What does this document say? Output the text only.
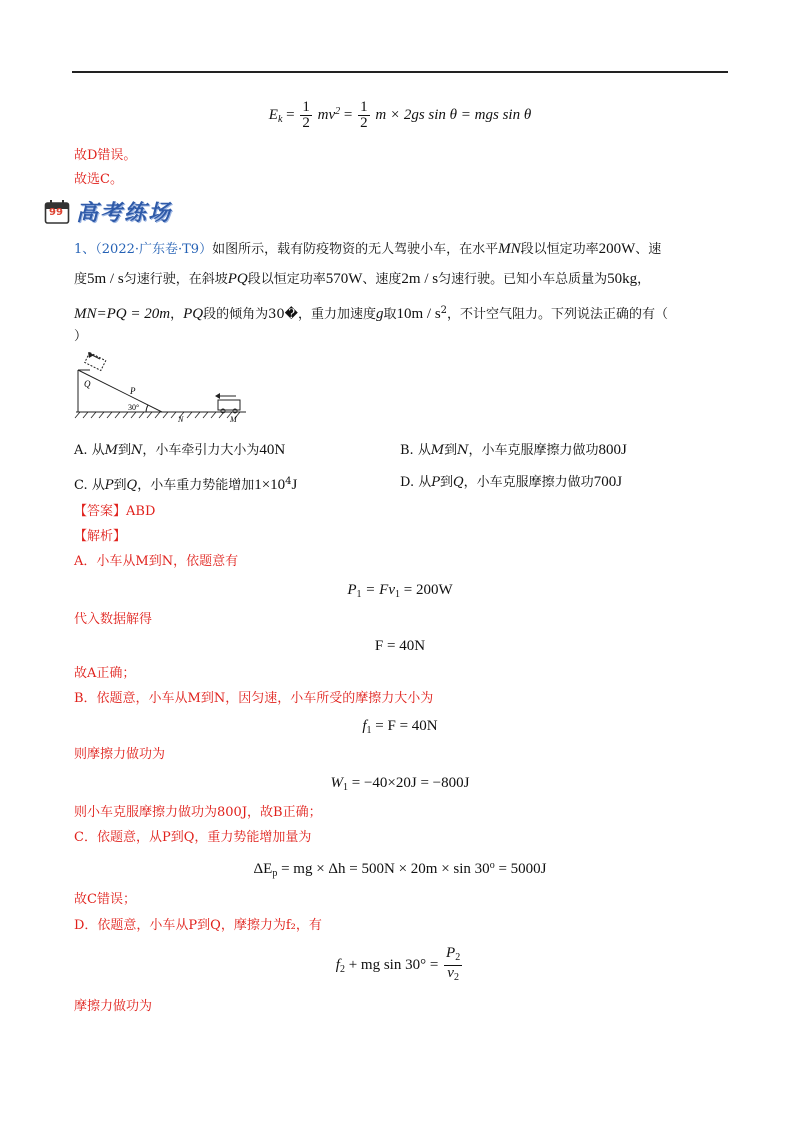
$E_k = \frac{1}{2} mv^2 = \frac{1}{2}$ m × 2gs sin θ = mgs sin θ
故D错误。
故选C。
99 高考练场
1、（2022·广东卷·T9）如图所示，载有防疫物资的无人驾驶小车，在水平MN段以恒定功率200W、速
度5m / s匀速行驶，在斜坡PQ段以恒定功率570W、速度2m / s匀速行驶。已知小车总质量为50kg，
MN=PQ = 20m，PQ段的倾角为30�，重力加速度g取$10m / s^2$，不计空气阻力。下列说法正确的有（
）
Q
P
30°
N	M
A. 从M到N，小车牵引力大小为40N	B. 从M到N，小车克服摩擦力做功800J
C. 从P到Q，小车重力势能增加$1\times 10^4J$	D. 从P到Q，小车克服摩擦力做功700J
【答案】ABD
【解析】
A．小车从M到N，依题意有
$P_1 = Fv_1 = 200W$
代入数据解得
F = 40N
故A正确；
B．依题意，小车从M到N，因匀速，小车所受的摩擦力大小为
$f_1 = F = 40N$
则摩擦力做功为
$W_1 = -40\times 20J = -800J$
则小车克服摩擦力做功为800J，故B正确；
C．依题意，从P到Q，重力势能增加量为
$\Delta E_p$ = mg × $\Delta h = 500N \times 20m \times \sin 30^o = 5000J$
故C错误；
D．依题意，小车从P到Q，摩擦力为f₂，有
$f_2$ + mg $\sin 30^\circ = \frac{P_2}{v_2}$
摩擦力做功为
